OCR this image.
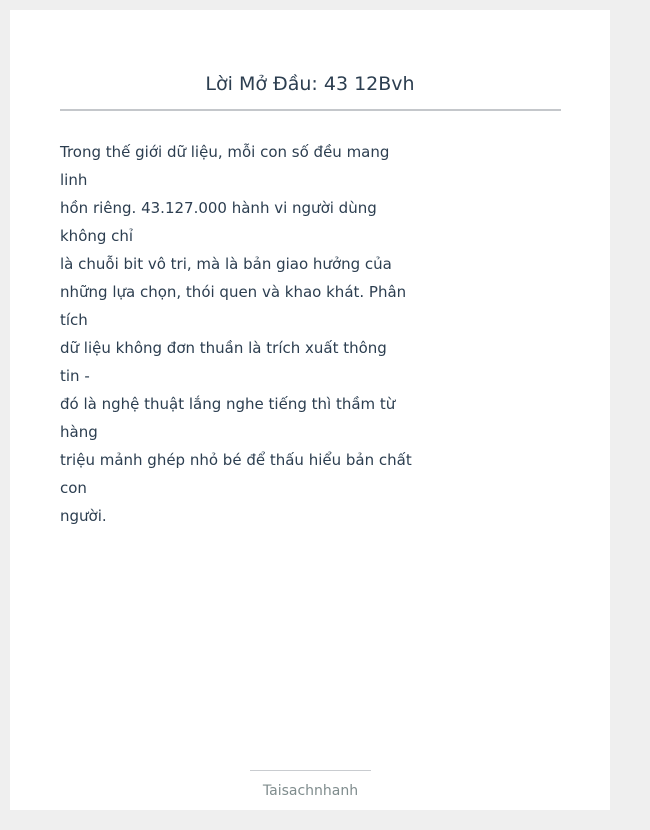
Lời Mở Đầu: 43 12Bvh

Trong thế giới dữ liệu, mỗi con số đều mang
linh
hồn riêng. 43.127.000 hành vi người dùng
không chỉ
là chuỗi bit vô tri, mà là bản giao hưởng của
những lựa chọn, thói quen và khao khát. Phân
tích
dữ liệu không đơn thuần là trích xuất thông
tin -
đó là nghệ thuật lắng nghe tiếng thì thầm từ
hàng
triệu mảnh ghép nhỏ bé để thấu hiểu bản chất
con
người.

Taisachnhanh
